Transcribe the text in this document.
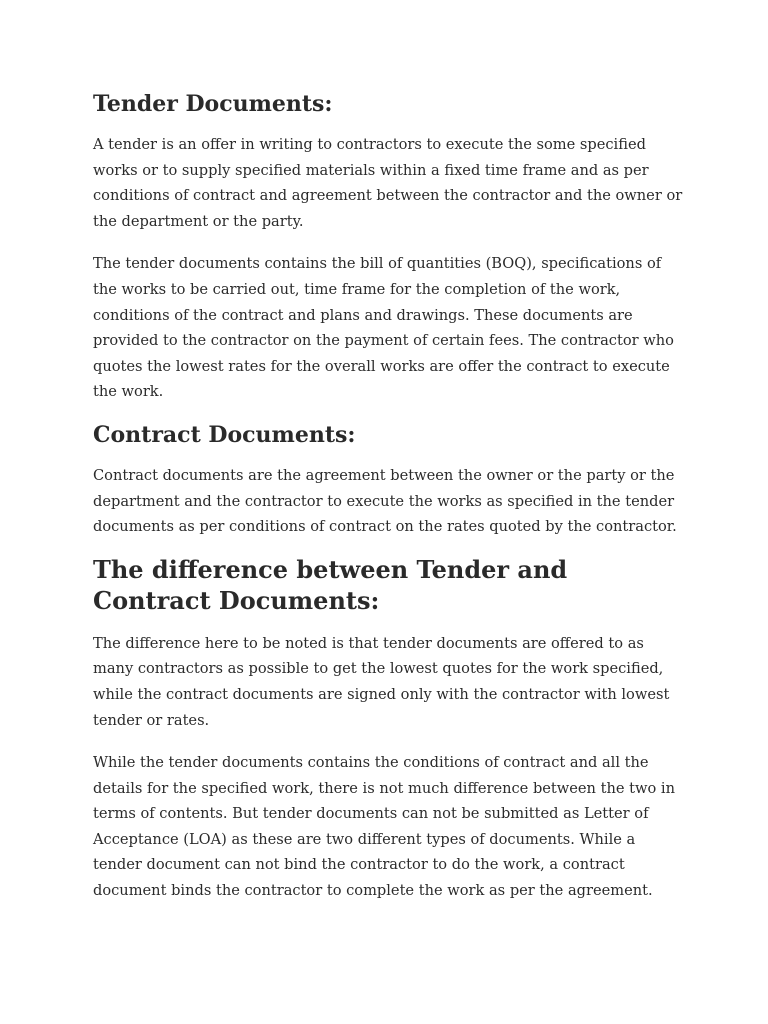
Tender Documents:

A tender is an offer in writing to contractors to execute the some specified works or to supply specified materials within a fixed time frame and as per conditions of contract and agreement between the contractor and the owner or the department or the party.

The tender documents contains the bill of quantities (BOQ), specifications of the works to be carried out, time frame for the completion of the work, conditions of the contract and plans and drawings. These documents are provided to the contractor on the payment of certain fees. The contractor who quotes the lowest rates for the overall works are offer the contract to execute the work.

Contract Documents:

Contract documents are the agreement between the owner or the party or the department and the contractor to execute the works as specified in the tender documents as per conditions of contract on the rates quoted by the contractor.

The difference between Tender and Contract Documents:

The difference here to be noted is that tender documents are offered to as many contractors as possible to get the lowest quotes for the work specified, while the contract documents are signed only with the contractor with lowest tender or rates.

While the tender documents contains the conditions of contract and all the details for the specified work, there is not much difference between the two in terms of contents. But tender documents can not be submitted as Letter of Acceptance (LOA) as these are two different types of documents. While a tender document can not bind the contractor to do the work, a contract document binds the contractor to complete the work as per the agreement.
